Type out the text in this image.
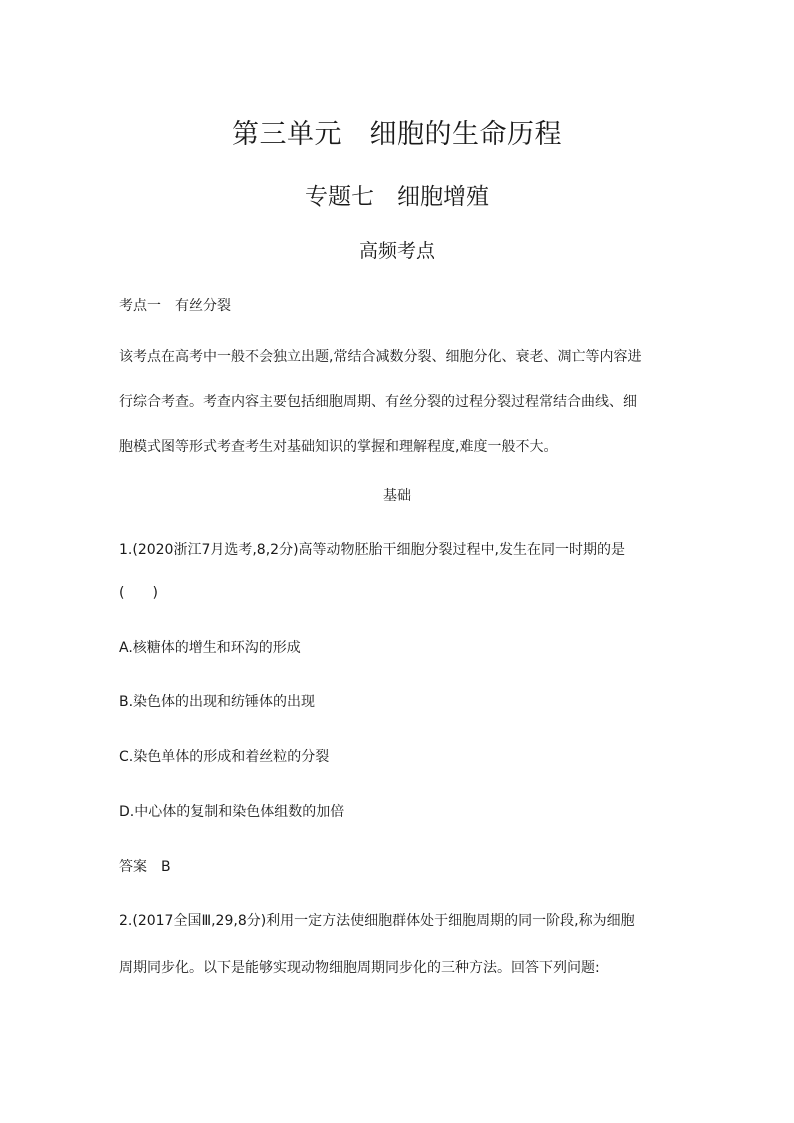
第三单元　细胞的生命历程
专题七　细胞增殖
高频考点
考点一　有丝分裂
该考点在高考中一般不会独立出题,常结合减数分裂、细胞分化、衰老、凋亡等内容进
行综合考查。考查内容主要包括细胞周期、有丝分裂的过程分裂过程常结合曲线、细
胞模式图等形式考查考生对基础知识的掌握和理解程度,难度一般不大。
基础
1.(2020浙江7月选考,8,2分)高等动物胚胎干细胞分裂过程中,发生在同一时期的是
(　　)
A.核糖体的增生和环沟的形成
B.染色体的出现和纺锤体的出现
C.染色单体的形成和着丝粒的分裂
D.中心体的复制和染色体组数的加倍
答案　B
2.(2017全国Ⅲ,29,8分)利用一定方法使细胞群体处于细胞周期的同一阶段,称为细胞
周期同步化。以下是能够实现动物细胞周期同步化的三种方法。回答下列问题:
